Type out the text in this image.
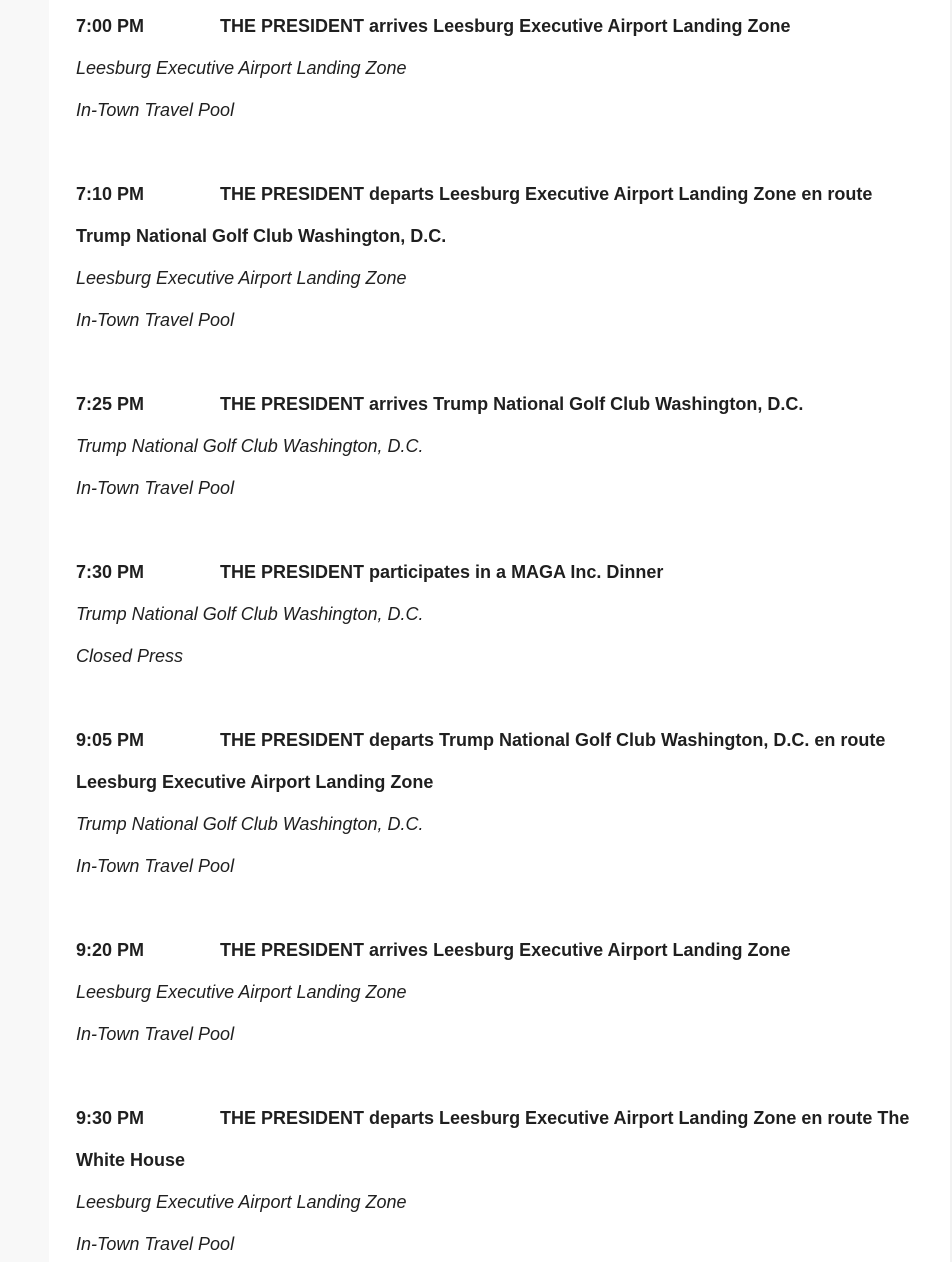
7:00 PM	THE PRESIDENT arrives Leesburg Executive Airport Landing Zone

Leesburg Executive Airport Landing Zone

In-Town Travel Pool

7:10 PM	THE PRESIDENT departs Leesburg Executive Airport Landing Zone en route Trump National Golf Club Washington, D.C.

Leesburg Executive Airport Landing Zone

In-Town Travel Pool

7:25 PM	THE PRESIDENT arrives Trump National Golf Club Washington, D.C.

Trump National Golf Club Washington, D.C.

In-Town Travel Pool

7:30 PM	THE PRESIDENT participates in a MAGA Inc. Dinner

Trump National Golf Club Washington, D.C.

Closed Press

9:05 PM	THE PRESIDENT departs Trump National Golf Club Washington, D.C. en route Leesburg Executive Airport Landing Zone

Trump National Golf Club Washington, D.C.

In-Town Travel Pool

9:20 PM	THE PRESIDENT arrives Leesburg Executive Airport Landing Zone

Leesburg Executive Airport Landing Zone

In-Town Travel Pool

9:30 PM	THE PRESIDENT departs Leesburg Executive Airport Landing Zone en route The White House

Leesburg Executive Airport Landing Zone

In-Town Travel Pool
